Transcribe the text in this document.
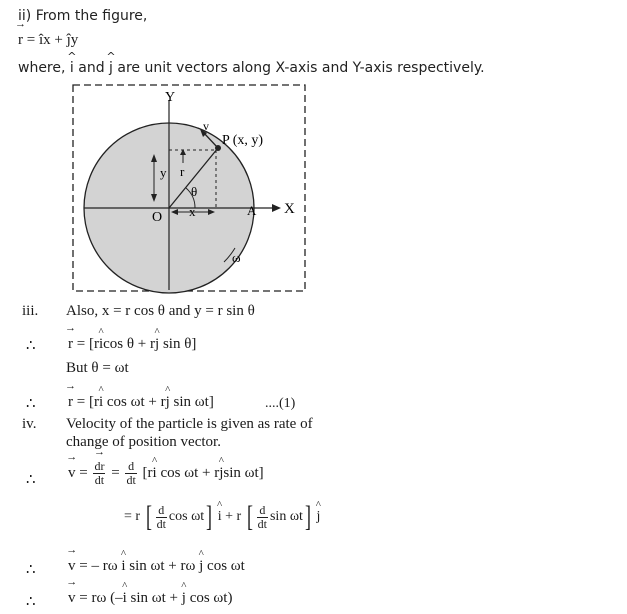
ii) From the figure,
→ r = îx + ĵy
where, ^ i and ^ j are unit vectors along X-axis and Y-axis respectively.
Y
X
P (x, y)
O	A
v
r
y
x
θ
ω
iii. Also, x = r cos θ and y = r sin θ
∴ → r = [r^ icos θ + r^ j sin θ]
But θ = ωt
∴ → r = [r^ i cos ωt + r^ j sin ωt]	....(1)
iv. Velocity of the particle is given as rate of
change of position vector.
∴ → v = → $\frac{dr}{dt} = \frac{d}{dt}$ [r^ i cos ωt + r^ jsin ωt]
= r [ $\frac{d}{dt}$ cos ωt] ^ i + r [ $\frac{d}{dt}$ sin ωt] ^ j
∴ → v = – rω ^ i sin ωt + rω ^ j cos ωt
∴ → v = rω (–^ i sin ωt + ^ j cos ωt)
